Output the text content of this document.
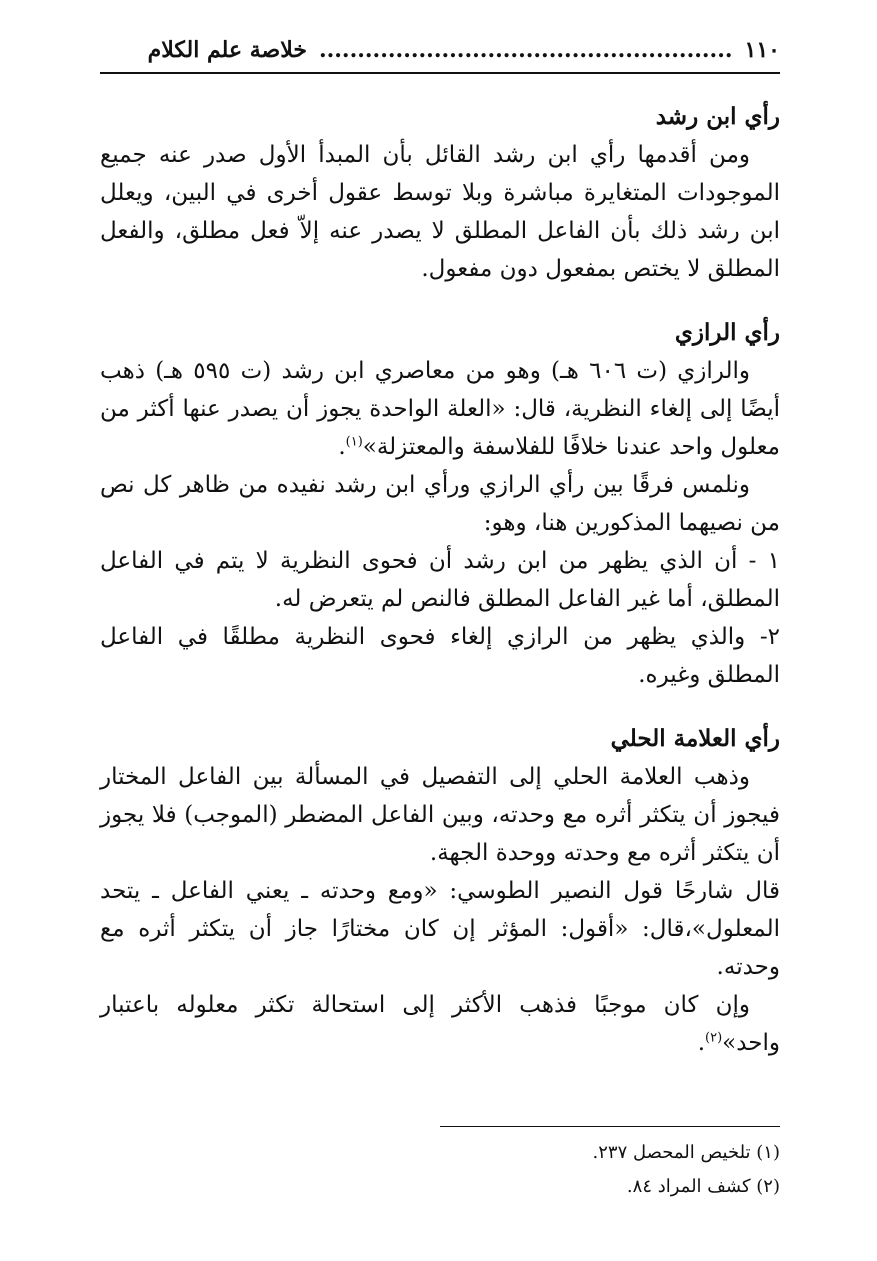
١١٠
......................................................
خلاصة علم الكلام
رأي ابن رشد

ومن أقدمها رأي ابن رشد القائل بأن المبدأ الأول صدر عنه جميع الموجودات المتغايرة مباشرة وبلا توسط عقول أخرى في البين، ويعلل ابن رشد ذلك بأن الفاعل المطلق لا يصدر عنه إلاّ فعل مطلق، والفعل المطلق لا يختص بمفعول دون مفعول.

رأي الرازي

والرازي (ت ٦٠٦ هـ) وهو من معاصري ابن رشد (ت ٥٩٥ هـ) ذهب أيضًا إلى إلغاء النظرية، قال: «العلة الواحدة يجوز أن يصدر عنها أكثر من معلول واحد عندنا خلافًا للفلاسفة والمعتزلة»$^{(١)}$.

ونلمس فرقًا بين رأي الرازي ورأي ابن رشد نفيده من ظاهر كل نص من نصيهما المذكورين هنا، وهو:

١ - أن الذي يظهر من ابن رشد أن فحوى النظرية لا يتم في الفاعل المطلق، أما غير الفاعل المطلق فالنص لم يتعرض له.

٢- والذي يظهر من الرازي إلغاء فحوى النظرية مطلقًا في الفاعل المطلق وغيره.

رأي العلامة الحلي

وذهب العلامة الحلي إلى التفصيل في المسألة بين الفاعل المختار فيجوز أن يتكثر أثره مع وحدته، وبين الفاعل المضطر (الموجب) فلا يجوز أن يتكثر أثره مع وحدته ووحدة الجهة.

قال شارحًا قول النصير الطوسي: «ومع وحدته ـ يعني الفاعل ـ يتحد المعلول»،قال: «أقول: المؤثر إن كان مختارًا جاز أن يتكثر أثره مع وحدته.

وإن كان موجبًا فذهب الأكثر إلى استحالة تكثر معلوله باعتبار واحد»$^{(٢)}$.

(١) تلخيص المحصل ٢٣٧.
(٢) كشف المراد ٨٤.
